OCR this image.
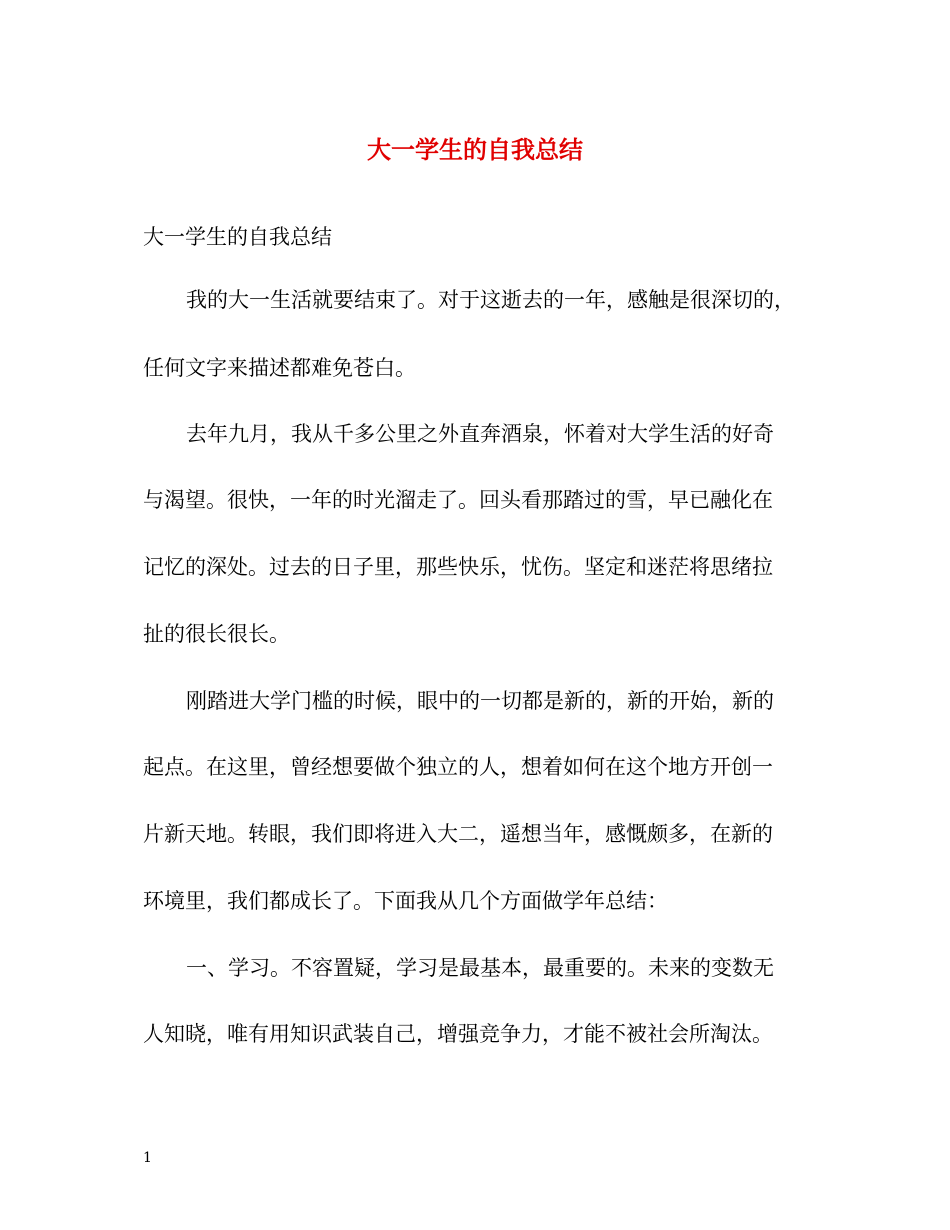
大一学生的自我总结
大一学生的自我总结
我的大一生活就要结束了。对于这逝去的一年，感触是很深切的，
任何文字来描述都难免苍白。
去年九月，我从千多公里之外直奔酒泉，怀着对大学生活的好奇
与渴望。很快，一年的时光溜走了。回头看那踏过的雪，早已融化在
记忆的深处。过去的日子里，那些快乐，忧伤。坚定和迷茫将思绪拉
扯的很长很长。
刚踏进大学门槛的时候，眼中的一切都是新的，新的开始，新的
起点。在这里，曾经想要做个独立的人，想着如何在这个地方开创一
片新天地。转眼，我们即将进入大二，遥想当年，感慨颇多，在新的
环境里，我们都成长了。下面我从几个方面做学年总结：
一、学习。不容置疑，学习是最基本，最重要的。未来的变数无
人知晓，唯有用知识武装自己，增强竞争力，才能不被社会所淘汰。
1
